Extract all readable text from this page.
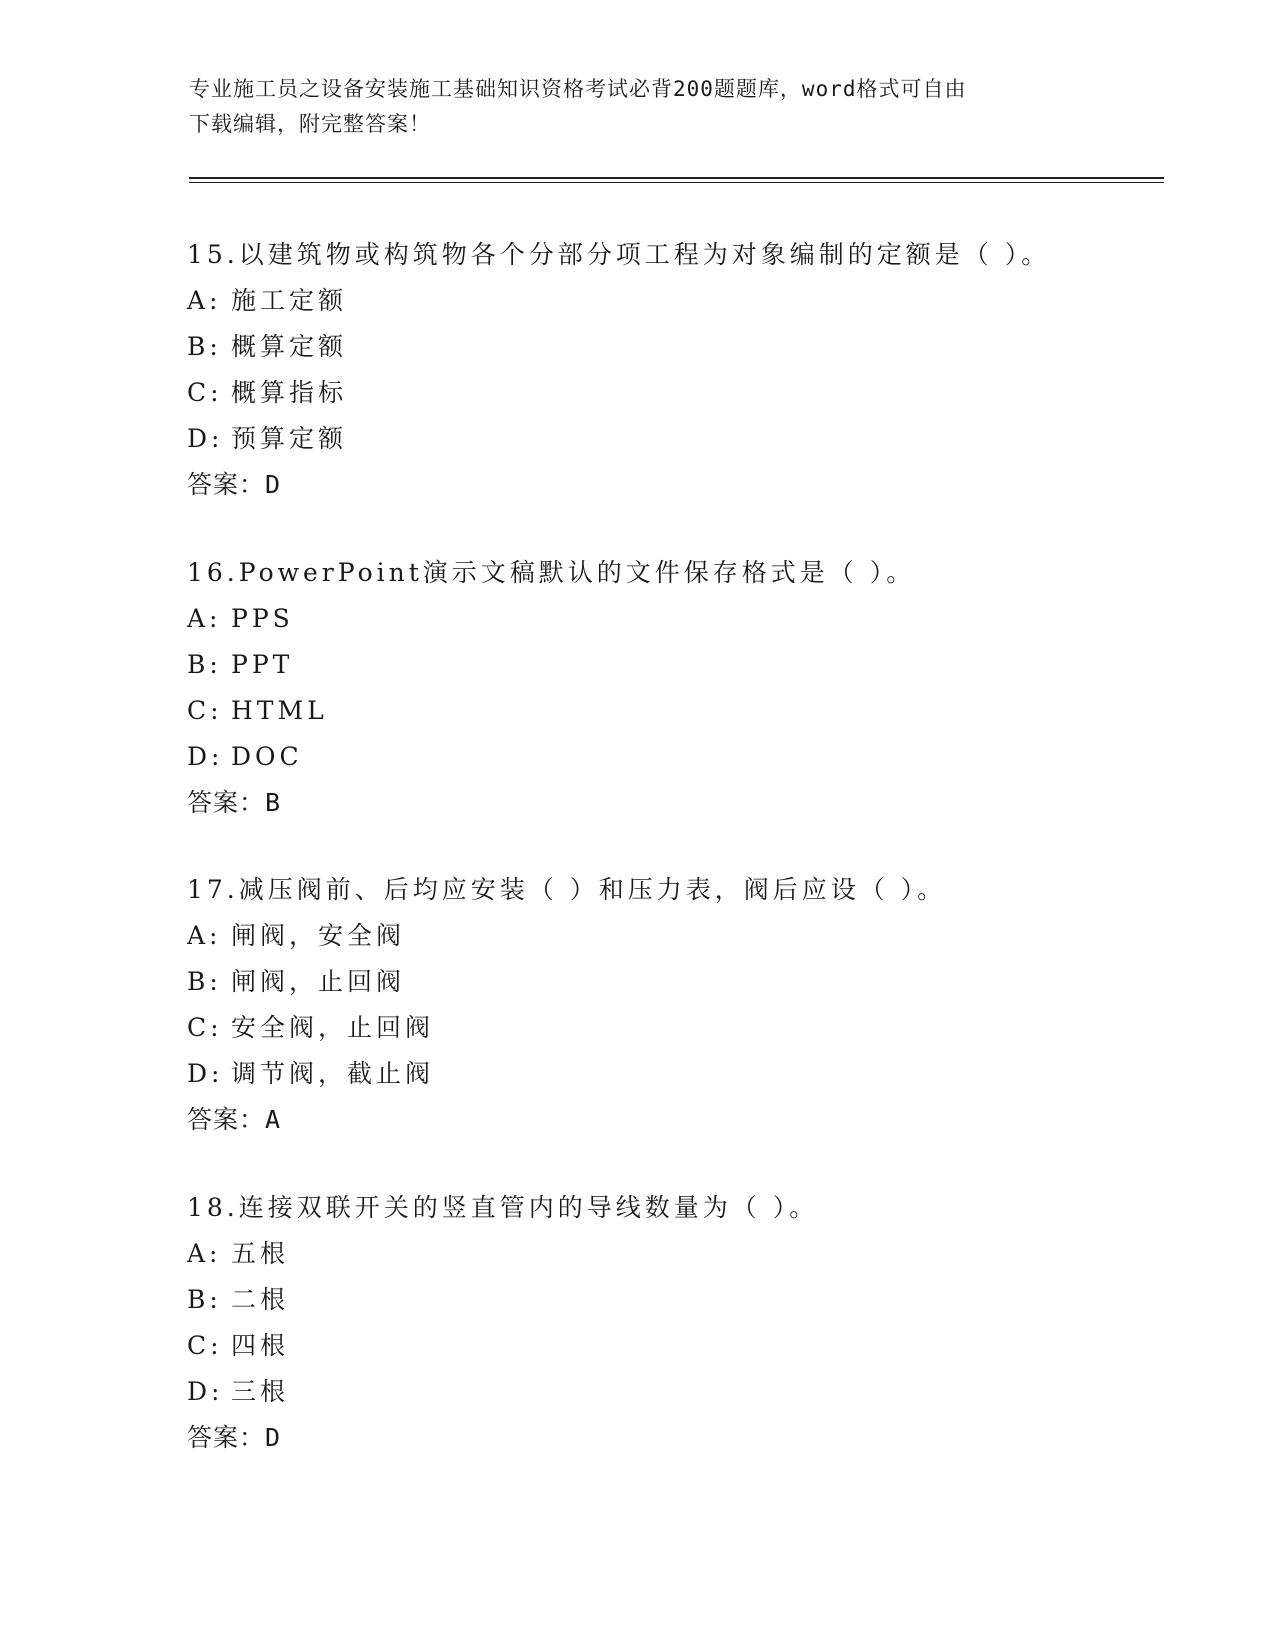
专业施工员之设备安装施工基础知识资格考试必背200题题库，word格式可自由
下载编辑，附完整答案！
15.以建筑物或构筑物各个分部分项工程为对象编制的定额是（ ）。
A: 施工定额
B: 概算定额
C: 概算指标
D: 预算定额
答案：D
16.PowerPoint演示文稿默认的文件保存格式是（ ）。
A: PPS
B: PPT
C: HTML
D: DOC
答案：B
17.减压阀前、后均应安装（ ）和压力表，阀后应设（ ）。
A: 闸阀，安全阀
B: 闸阀，止回阀
C: 安全阀，止回阀
D: 调节阀，截止阀
答案：A
18.连接双联开关的竖直管内的导线数量为（ ）。
A: 五根
B: 二根
C: 四根
D: 三根
答案：D
